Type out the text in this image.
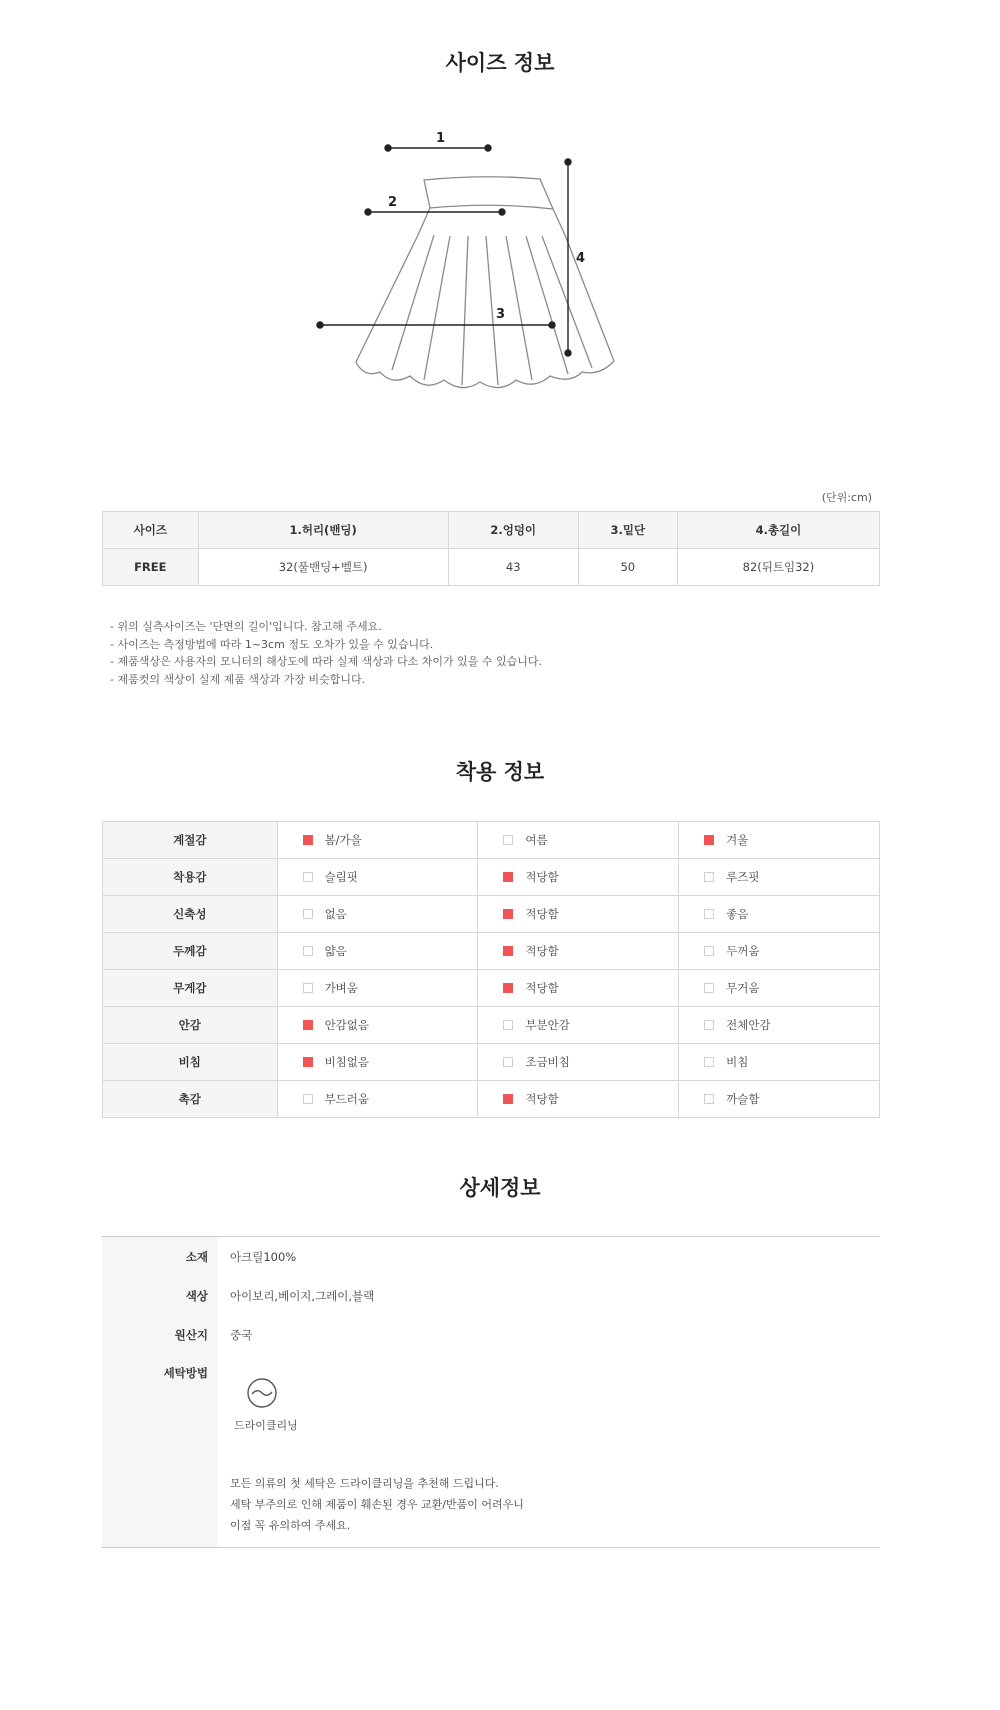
사이즈 정보
1
2
3
4
(단위:cm)
사이즈	1.허리(밴딩)	2.엉덩이	3.밑단	4.총길이
FREE	32(풀밴딩+벨트)	43	50	82(뒤트임32)
- 위의 실측사이즈는 '단면의 길이'입니다. 참고해 주세요.
- 사이즈는 측정방법에 따라 1~3cm 정도 오차가 있을 수 있습니다.
- 제품색상은 사용자의 모니터의 해상도에 따라 실제 색상과 다소 차이가 있을 수 있습니다.
- 제품컷의 색상이 실제 제품 색상과 가장 비슷합니다.
착용 정보
계절감	봄/가을	여름	겨울
착용감	슬림핏	적당함	루즈핏
신축성	없음	적당함	좋음
두께감	얇음	적당함	두꺼움
무게감	가벼움	적당함	무거움
안감	안감없음	부분안감	전체안감
비침	비침없음	조금비침	비침
촉감	부드러움	적당함	까슬함
상세정보
소재 아크릴100%
색상 아이보리,베이지,그레이,블랙
원산지 중국
세탁방법
드라이클리닝
모든 의류의 첫 세탁은 드라이클리닝을 추천해 드립니다.
세탁 부주의로 인해 제품이 훼손된 경우 교환/반품이 어려우니
이점 꼭 유의하여 주세요.
